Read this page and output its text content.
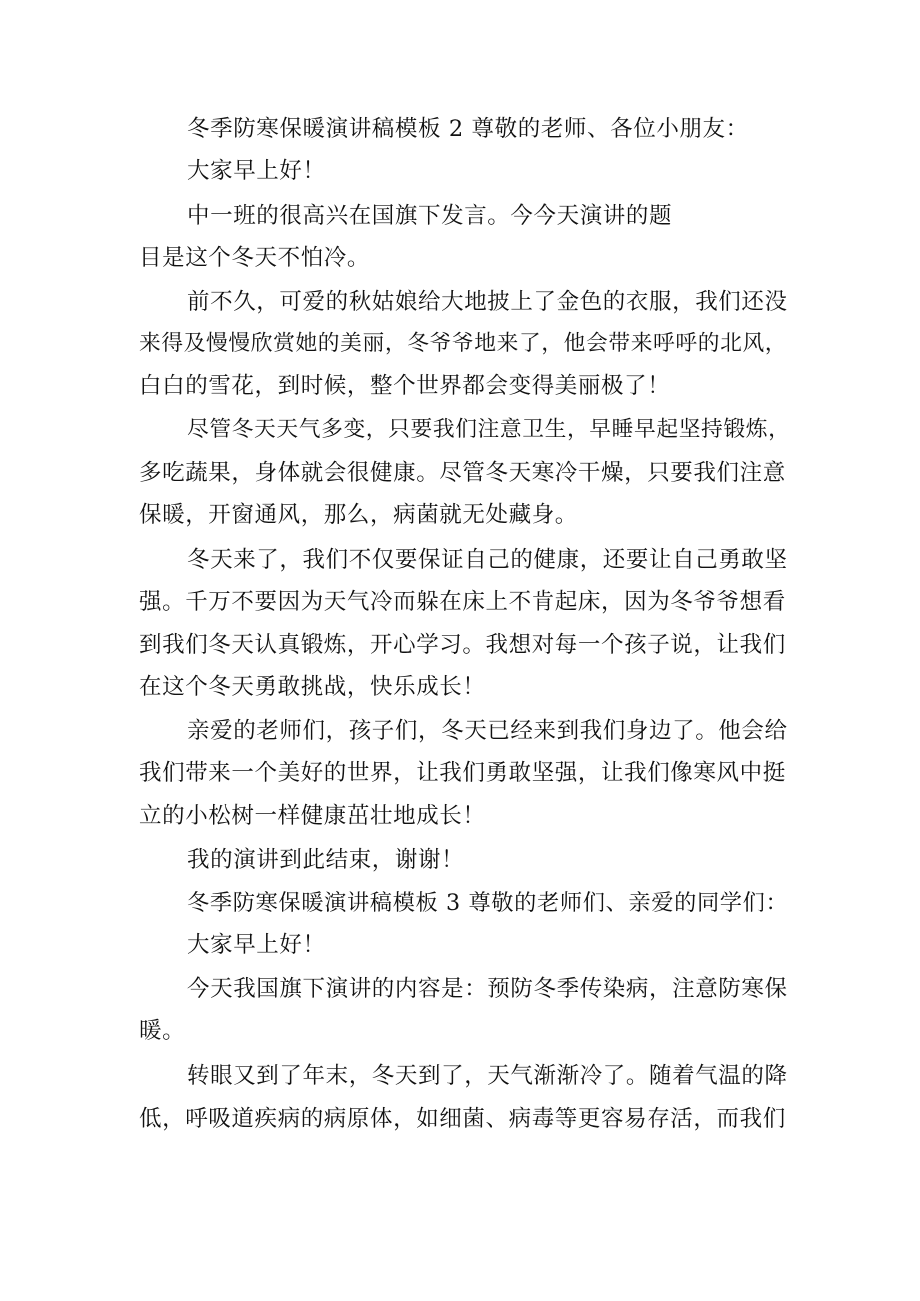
冬季防寒保暖演讲稿模板 2 尊敬的老师、各位小朋友：
大家早上好！
中一班的很高兴在国旗下发言。今今天演讲的题
目是这个冬天不怕冷。
前不久，可爱的秋姑娘给大地披上了金色的衣服，我们还没
来得及慢慢欣赏她的美丽，冬爷爷地来了，他会带来呼呼的北风，
白白的雪花，到时候，整个世界都会变得美丽极了！
尽管冬天天气多变，只要我们注意卫生，早睡早起坚持锻炼，
多吃蔬果，身体就会很健康。尽管冬天寒冷干燥，只要我们注意
保暖，开窗通风，那么，病菌就无处藏身。
冬天来了，我们不仅要保证自己的健康，还要让自己勇敢坚
强。千万不要因为天气冷而躲在床上不肯起床，因为冬爷爷想看
到我们冬天认真锻炼，开心学习。我想对每一个孩子说，让我们
在这个冬天勇敢挑战，快乐成长！
亲爱的老师们，孩子们，冬天已经来到我们身边了。他会给
我们带来一个美好的世界，让我们勇敢坚强，让我们像寒风中挺
立的小松树一样健康茁壮地成长！
我的演讲到此结束，谢谢！
冬季防寒保暖演讲稿模板 3 尊敬的老师们、亲爱的同学们：
大家早上好！
今天我国旗下演讲的内容是：预防冬季传染病，注意防寒保
暖。
转眼又到了年末，冬天到了，天气渐渐冷了。随着气温的降
低，呼吸道疾病的病原体，如细菌、病毒等更容易存活，而我们
